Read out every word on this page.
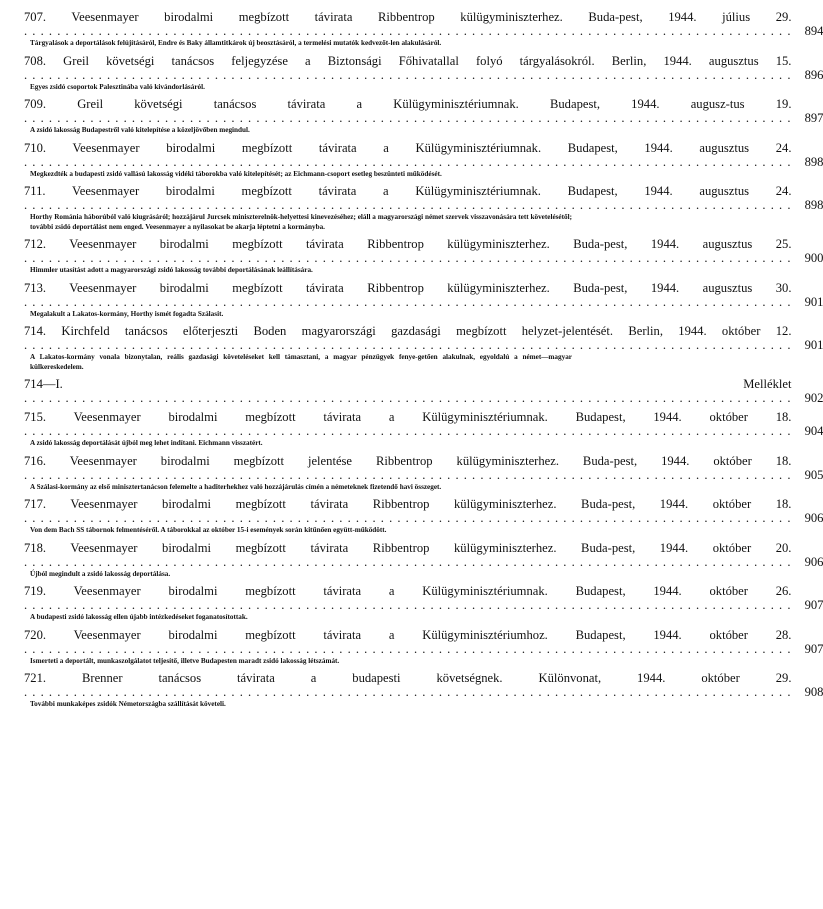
707. Veesenmayer birodalmi megbízott távirata Ribbentrop külügyminiszterhez. Buda-pest, 1944. július 29. . . . . . . . . . . . . . . . . . . . . . . . . . . . . . . . . . . . . . . . . . . . . . . . . . . . . . . . . . . . . . . . . . . . . . . . . . . . . . . . . . . . . . . . . . . . . .	894
Tárgyalások a deportálások felújításáról, Endre és Baky államtitkárok új beosztásáról, a termelési mutatók kedvezőt-len alakulásáról.
708. Greil követségi tanácsos feljegyzése a Biztonsági Főhivatallal folyó tárgyalásokról. Berlin, 1944. augusztus 15. . . . . . . . . . . . . . . . . . . . . . . . . . . . . . . . . . . . . . . . . . . . . . . . . . . . . . . . . . . . . . . . . . . . . . . . . . . . . . . . . . . . . . . . . . . . . .	896
Egyes zsidó csoportok Palesztinába való kivándorlásáról.
709. Greil követségi tanácsos távirata a Külügyminisztériumnak. Budapest, 1944. augusz-tus 19. . . . . . . . . . . . . . . . . . . . . . . . . . . . . . . . . . . . . . . . . . . . . . . . . . . . . . . . . . . . . . . . . . . . . . . . . . . . . . . . . . . . . . . . . . . . . .	897
A zsidó lakosság Budapestről való kitelepítése a közeljövőben megindul.
710. Veesenmayer birodalmi megbízott távirata a Külügyminisztériumnak. Budapest, 1944. augusztus 24. . . . . . . . . . . . . . . . . . . . . . . . . . . . . . . . . . . . . . . . . . . . . . . . . . . . . . . . . . . . . . . . . . . . . . . . . . . . . . . . . . . . . . . . . . . . . .	898
Megkezdték a budapesti zsidó vallású lakosság vidéki táborokba való kitelepítését; az Eichmann-csoport esetleg beszünteti működését.
711. Veesenmayer birodalmi megbízott távirata a Külügyminisztériumnak. Budapest, 1944. augusztus 24. . . . . . . . . . . . . . . . . . . . . . . . . . . . . . . . . . . . . . . . . . . . . . . . . . . . . . . . . . . . . . . . . . . . . . . . . . . . . . . . . . . . . . . . . . . . . .	898
Horthy Románia háborúból való kiugrásáról; hozzájárul Jurcsek miniszterelnök-helyettesi kinevezéséhez; eláll a magyarországi német szervek visszavonására tett követelésétől; további zsidó deportálást nem enged. Veesenmayer a nyilasokat be akarja léptetni a kormányba.
712. Veesenmayer birodalmi megbízott távirata Ribbentrop külügyminiszterhez. Buda-pest, 1944. augusztus 25. . . . . . . . . . . . . . . . . . . . . . . . . . . . . . . . . . . . . . . . . . . . . . . . . . . . . . . . . . . . . . . . . . . . . . . . . . . . . . . . . . . . . . . . . . . . . .	900
Himmler utasítást adott a magyarországi zsidó lakosság további deportálásának leállítására.
713. Veesenmayer birodalmi megbízott távirata Ribbentrop külügyminiszterhez. Buda-pest, 1944. augusztus 30. . . . . . . . . . . . . . . . . . . . . . . . . . . . . . . . . . . . . . . . . . . . . . . . . . . . . . . . . . . . . . . . . . . . . . . . . . . . . . . . . . . . . . . . . . . . . .	901
Megalakult a Lakatos-kormány, Horthy ismét fogadta Szálasit.
714. Kirchfeld tanácsos előterjeszti Boden magyarországi gazdasági megbízott helyzet-jelentését. Berlin, 1944. október 12. . . . . . . . . . . . . . . . . . . . . . . . . . . . . . . . . . . . . . . . . . . . . . . . . . . . . . . . . . . . . . . . . . . . . . . . . . . . . . . . . . . . . . . . . . . . . .	901
A Lakatos-kormány vonala bizonytalan, reális gazdasági követeléseket kell támasztani, a magyar pénzügyek fenye-getően alakulnak, egyoldalú a német—magyar külkereskedelem.
714—I. Melléklet . . . . . . . . . . . . . . . . . . . . . . . . . . . . . . . . . . . . . . . . . . . . . . . . . . . . . . . . . . . . . . . . . . . . . . . . . . . . . . . . . . . . . . . . . . . . .	902
715. Veesenmayer birodalmi megbízott távirata a Külügyminisztériumnak. Budapest, 1944. október 18. . . . . . . . . . . . . . . . . . . . . . . . . . . . . . . . . . . . . . . . . . . . . . . . . . . . . . . . . . . . . . . . . . . . . . . . . . . . . . . . . . . . . . . . . . . . . .	904
A zsidó lakosság deportálását újból meg lehet indítani. Eichmann visszatért.
716. Veesenmayer birodalmi megbízott jelentése Ribbentrop külügyminiszterhez. Buda-pest, 1944. október 18. . . . . . . . . . . . . . . . . . . . . . . . . . . . . . . . . . . . . . . . . . . . . . . . . . . . . . . . . . . . . . . . . . . . . . . . . . . . . . . . . . . . . . . . . . . . . .	905
A Szálasi-kormány az első minisztertanácson felemelte a haditerhekhez való hozzájárulás címén a németeknek fizetendő havi összeget.
717. Veesenmayer birodalmi megbízott távirata Ribbentrop külügyminiszterhez. Buda-pest, 1944. október 18. . . . . . . . . . . . . . . . . . . . . . . . . . . . . . . . . . . . . . . . . . . . . . . . . . . . . . . . . . . . . . . . . . . . . . . . . . . . . . . . . . . . . . . . . . . . . .	906
Von dem Bach SS tábornok felmentéséről. A táborokkal az október 15-i események során kitűnően együtt-működött.
718. Veesenmayer birodalmi megbízott távirata Ribbentrop külügyminiszterhez. Buda-pest, 1944. október 20. . . . . . . . . . . . . . . . . . . . . . . . . . . . . . . . . . . . . . . . . . . . . . . . . . . . . . . . . . . . . . . . . . . . . . . . . . . . . . . . . . . . . . . . . . . . . .	906
Újból megindult a zsidó lakosság deportálása.
719. Veesenmayer birodalmi megbízott távirata a Külügyminisztériumnak. Budapest, 1944. október 26. . . . . . . . . . . . . . . . . . . . . . . . . . . . . . . . . . . . . . . . . . . . . . . . . . . . . . . . . . . . . . . . . . . . . . . . . . . . . . . . . . . . . . . . . . . . . .	907
A budapesti zsidó lakosság ellen újabb intézkedéseket foganatosítottak.
720. Veesenmayer birodalmi megbízott távirata a Külügyminisztériumhoz. Budapest, 1944. október 28. . . . . . . . . . . . . . . . . . . . . . . . . . . . . . . . . . . . . . . . . . . . . . . . . . . . . . . . . . . . . . . . . . . . . . . . . . . . . . . . . . . . . . . . . . . . . .	907
Ismerteti a deportált, munkaszolgálatot teljesítő, illetve Budapesten maradt zsidó lakosság létszámát.
721. Brenner tanácsos távirata a budapesti követségnek. Különvonat, 1944. október 29. . . . . . . . . . . . . . . . . . . . . . . . . . . . . . . . . . . . . . . . . . . . . . . . . . . . . . . . . . . . . . . . . . . . . . . . . . . . . . . . . . . . . . . . . . . . . .	908
További munkaképes zsidók Németországba szállítását követeli.
